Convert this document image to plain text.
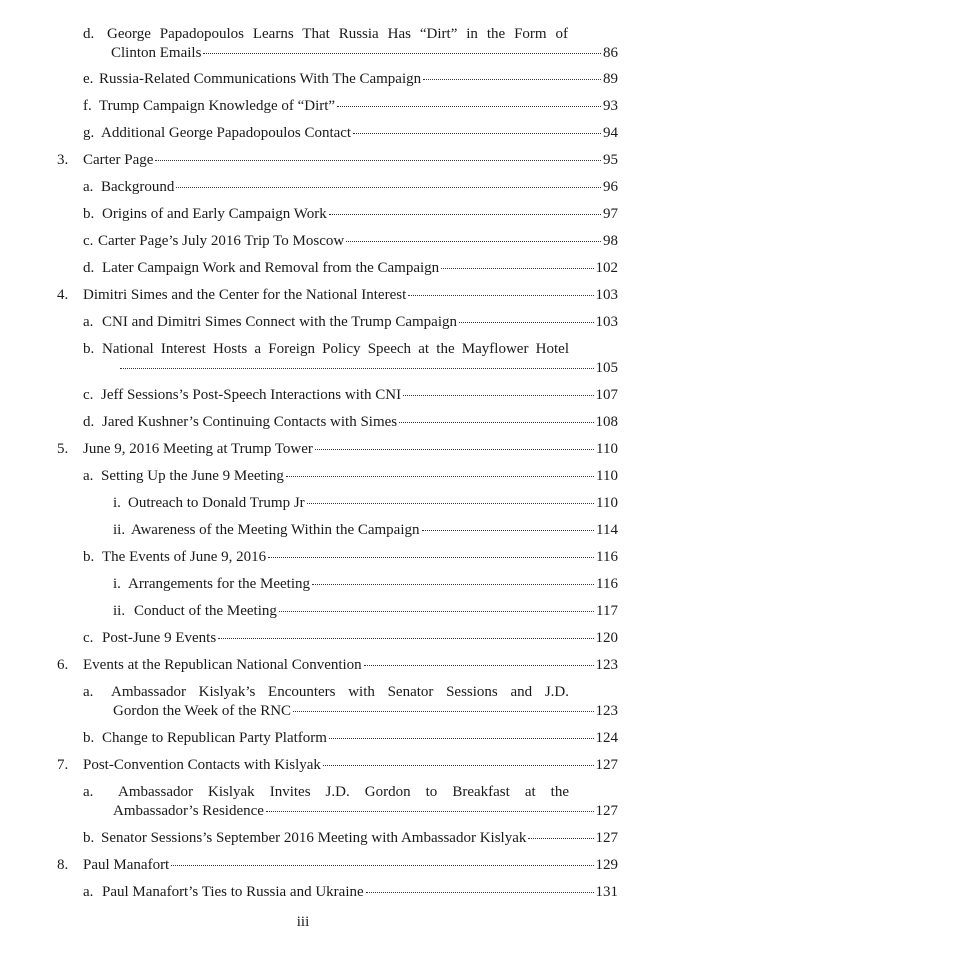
d. George Papadopoulos Learns That Russia Has “Dirt” in the Form of
Clinton Emails	86
e. Russia-Related Communications With The Campaign	89
f. Trump Campaign Knowledge of “Dirt”	93
g. Additional George Papadopoulos Contact	94
3. Carter Page	95
a. Background	96
b. Origins of and Early Campaign Work	97
c. Carter Page’s July 2016 Trip To Moscow	98
d. Later Campaign Work and Removal from the Campaign	102
4. Dimitri Simes and the Center for the National Interest	103
a. CNI and Dimitri Simes Connect with the Trump Campaign	103
b. National Interest Hosts a Foreign Policy Speech at the Mayflower Hotel
105
c. Jeff Sessions’s Post-Speech Interactions with CNI	107
d. Jared Kushner’s Continuing Contacts with Simes	108
5. June 9, 2016 Meeting at Trump Tower	110
a. Setting Up the June 9 Meeting	110
i. Outreach to Donald Trump Jr	110
ii. Awareness of the Meeting Within the Campaign	114
b. The Events of June 9, 2016	116
i. Arrangements for the Meeting	116
ii. Conduct of the Meeting	117
c. Post-June 9 Events	120
6. Events at the Republican National Convention	123
a. Ambassador Kislyak’s Encounters with Senator Sessions and J.D.
Gordon the Week of the RNC	123
b. Change to Republican Party Platform	124
7. Post-Convention Contacts with Kislyak	127
a. Ambassador Kislyak Invites J.D. Gordon to Breakfast at the
Ambassador’s Residence	127
b. Senator Sessions’s September 2016 Meeting with Ambassador Kislyak	127
8. Paul Manafort	129
a. Paul Manafort’s Ties to Russia and Ukraine	131
iii
